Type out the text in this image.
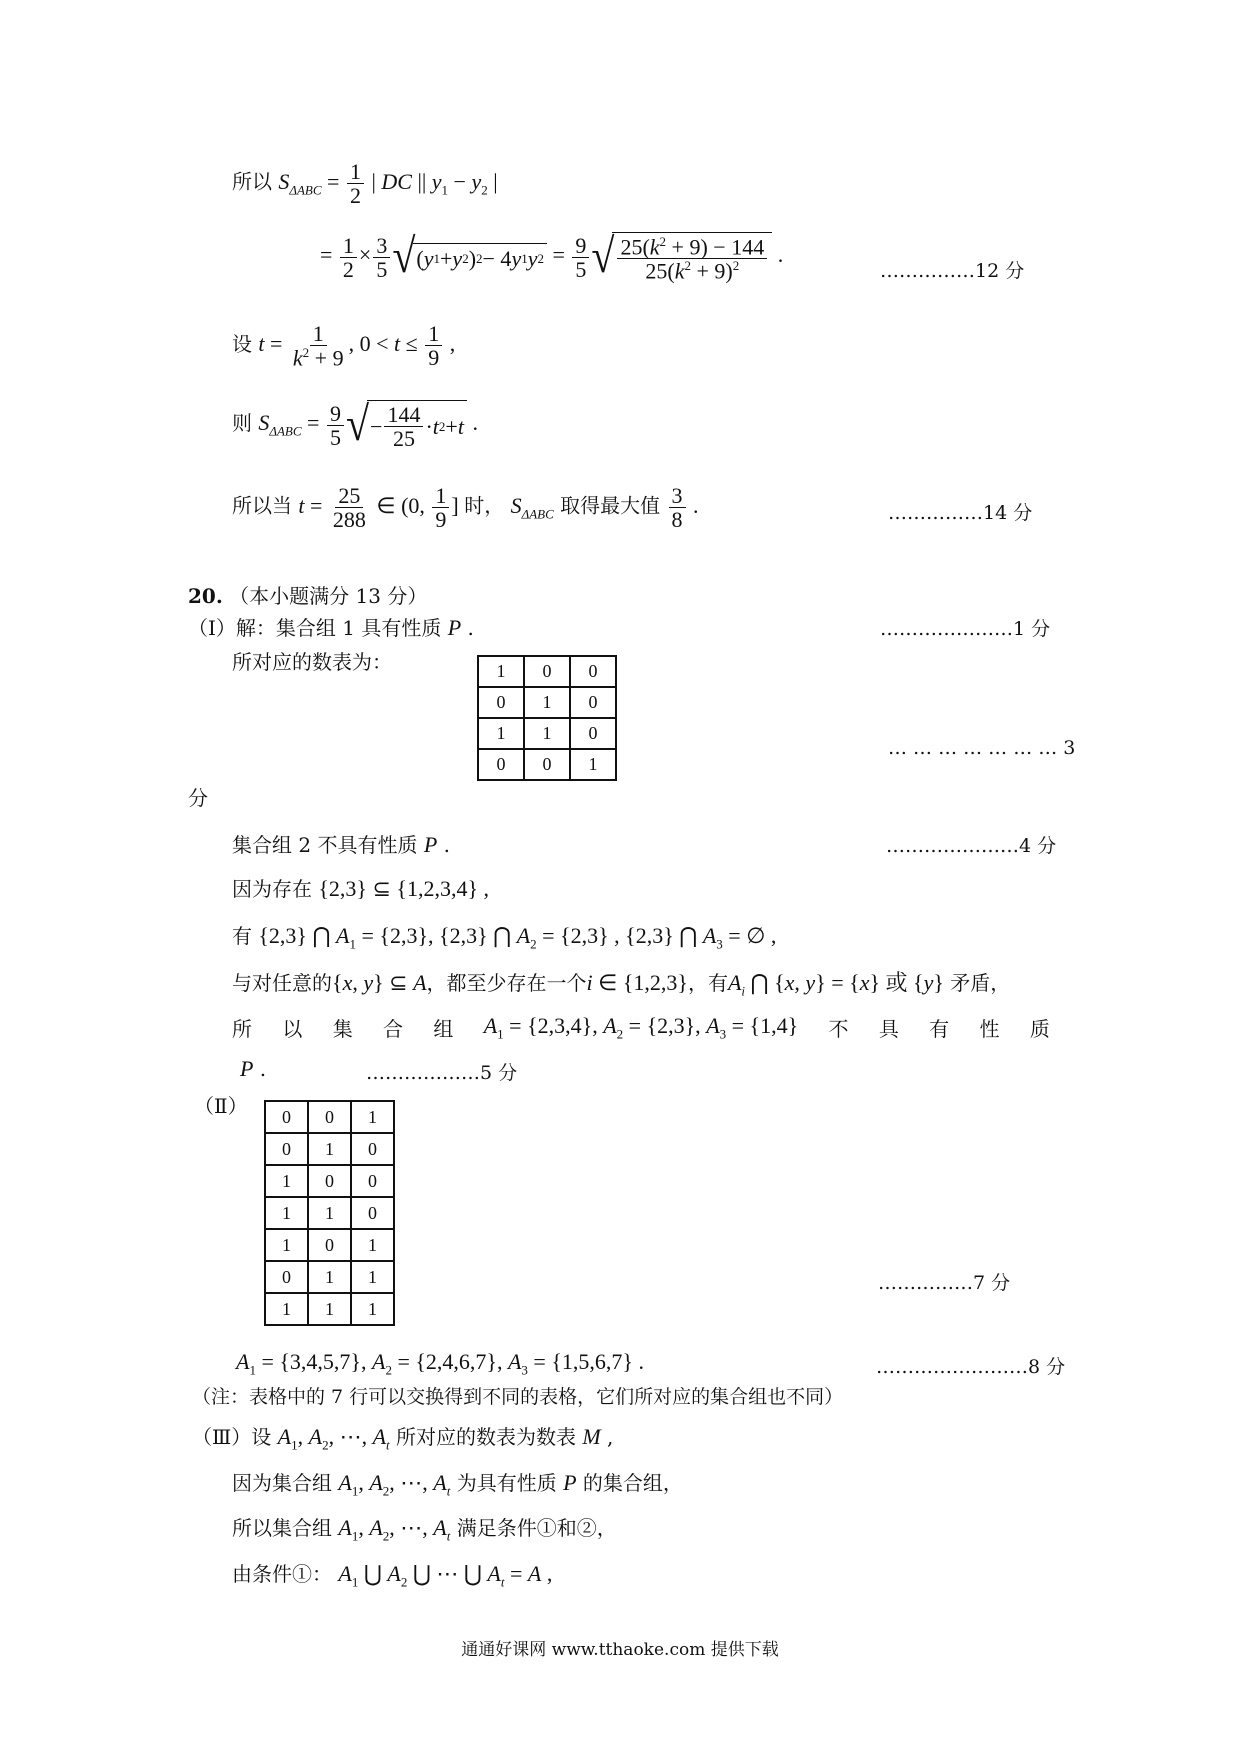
所以 $S_{\Delta ABC} = \frac{1}{2}$ | DC || $y_1 - y_2$ |
= $\frac{1}{2} \times \frac{3}{5}$ √ ( y 1 + y 2 ) 2 − 4 y 1 y $2 = \frac{9}{5}$ √ $\frac{25(k^2 + 9) - 144}{25(k^2 + 9)^2}$ .
……………12 分
设 $t = \frac{1}{k^2 + 9}$ , $0 < t \le \frac{1}{9}$ ,
则 $S_{\Delta ABC} = \frac{9}{5}$ √ − $\frac{144}{25} \cdot t$ 2 + t .
所以当 $t = \frac{25}{288}$ ∈ (0, $\frac{1}{9}$ ] 时， $S_{\Delta ABC}$ 取得最大值 $\frac{3}{8}$ .	……………14 分
20. （本小题满分 13 分）
（Ⅰ）解：集合组 1 具有性质 P .	…………………1 分
所对应的数表为：	1	0	0
0	1	0
1	1	0
0	0	1
… … … … … … … 3
分
集合组 2 不具有性质 P .	…………………4 分
因为存在 {2,3} ⊆ {1,2,3,4} ,
有 {2,3} ⋂ $A_1 = \{2,3\}$, {2,3} ⋂ $A_2 = \{2,3\}$ , {2,3} ⋂ $A_3$ = ∅ ,
与对任意的{x, y} ⊆ A，都至少存在一个i ∈ {1,2,3}，有$A_i$ ⋂ {x, y} = {x} 或 {y} 矛盾，
所 以 集 合 组 $A_1 = \{2,3,4\}$, $A_2 = \{2,3\}$, $A_3 = \{1,4\}$ 不 具 有 性 质
P .	………………5 分
（Ⅱ） 0	0	1
0	1	0
1	0	0
1	1	0
1	0	1
0	1	1
1	1	1
……………7 分
$A_1 = \{3,4,5,7\}$, $A_2 = \{2,4,6,7\}$, $A_3 = \{1,5,6,7\}$ .	……………………8 分
（注：表格中的 7 行可以交换得到不同的表格，它们所对应的集合组也不同）
（Ⅲ）设 $A_1$, $A_2$, ⋯, $A_t$ 所对应的数表为数表 M ,
因为集合组 $A_1$, $A_2$, ⋯, $A_t$ 为具有性质 P 的集合组，
所以集合组 $A_1$, $A_2$, ⋯, $A_t$ 满足条件①和②，
由条件①： $A_1$ ⋃ $A_2$ ⋃ ⋯ ⋃ $A_t = A$ ,
通通好课网 www.tthaoke.com 提供下载
